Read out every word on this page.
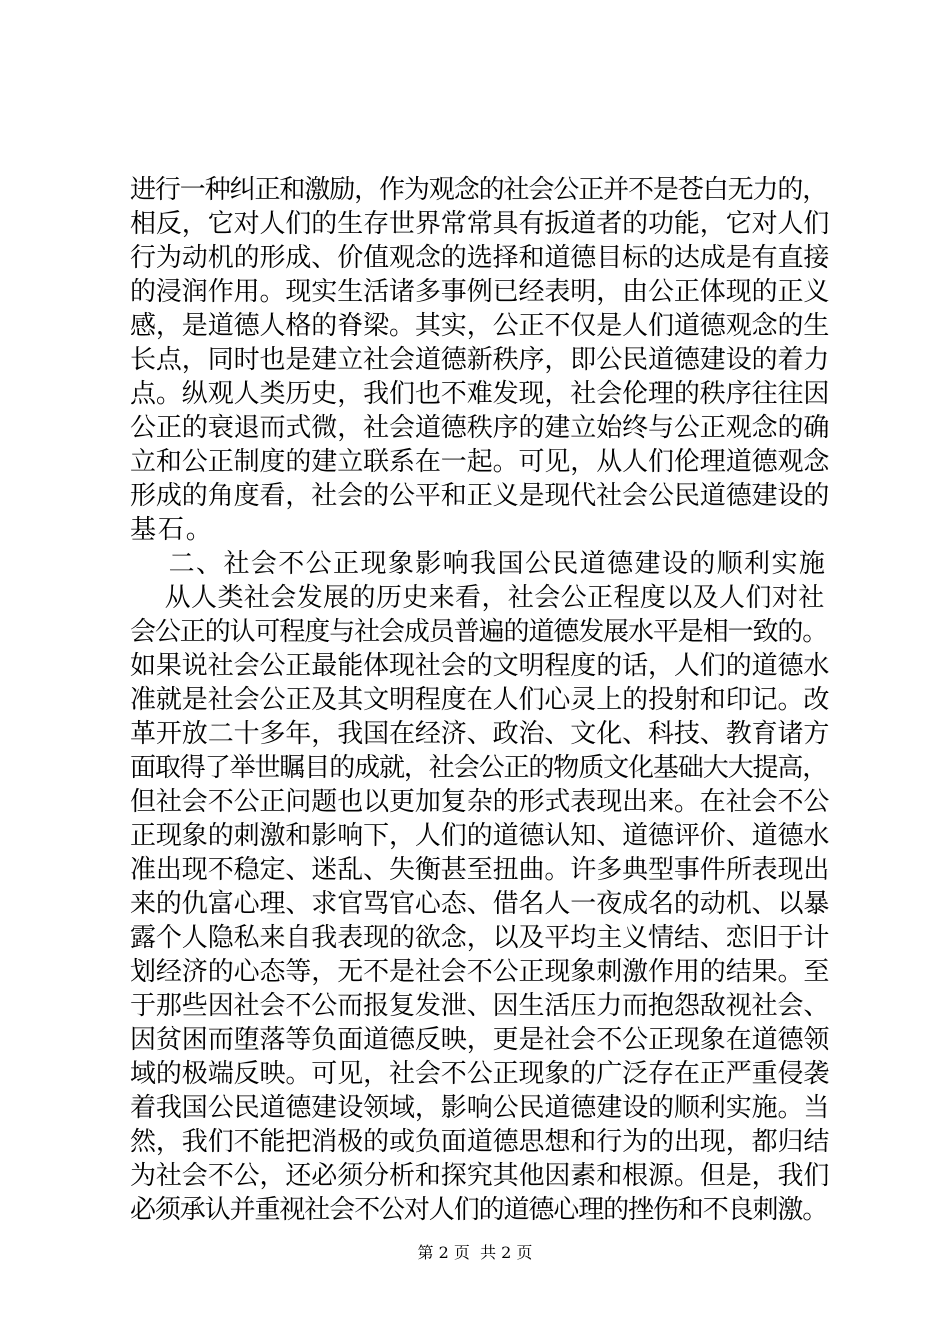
进行一种纠正和激励，作为观念的社会公正并不是苍白无力的，
相反，它对人们的生存世界常常具有扳道者的功能，它对人们
行为动机的形成、价值观念的选择和道德目标的达成是有直接
的浸润作用。现实生活诸多事例已经表明，由公正体现的正义
感，是道德人格的脊梁。其实，公正不仅是人们道德观念的生
长点，同时也是建立社会道德新秩序，即公民道德建设的着力
点。纵观人类历史，我们也不难发现，社会伦理的秩序往往因
公正的衰退而式微，社会道德秩序的建立始终与公正观念的确
立和公正制度的建立联系在一起。可见，从人们伦理道德观念
形成的角度看，社会的公平和正义是现代社会公民道德建设的
基石。
二、社会不公正现象影响我国公民道德建设的顺利实施
从人类社会发展的历史来看，社会公正程度以及人们对社
会公正的认可程度与社会成员普遍的道德发展水平是相一致的。
如果说社会公正最能体现社会的文明程度的话，人们的道德水
准就是社会公正及其文明程度在人们心灵上的投射和印记。改
革开放二十多年，我国在经济、政治、文化、科技、教育诸方
面取得了举世瞩目的成就，社会公正的物质文化基础大大提高，
但社会不公正问题也以更加复杂的形式表现出来。在社会不公
正现象的刺激和影响下，人们的道德认知、道德评价、道德水
准出现不稳定、迷乱、失衡甚至扭曲。许多典型事件所表现出
来的仇富心理、求官骂官心态、借名人一夜成名的动机、以暴
露个人隐私来自我表现的欲念，以及平均主义情结、恋旧于计
划经济的心态等，无不是社会不公正现象刺激作用的结果。至
于那些因社会不公而报复发泄、因生活压力而抱怨敌视社会、
因贫困而堕落等负面道德反映，更是社会不公正现象在道德领
域的极端反映。可见，社会不公正现象的广泛存在正严重侵袭
着我国公民道德建设领域，影响公民道德建设的顺利实施。当
然，我们不能把消极的或负面道德思想和行为的出现，都归结
为社会不公，还必须分析和探究其他因素和根源。但是，我们
必须承认并重视社会不公对人们的道德心理的挫伤和不良刺激。
第 2 页  共 2 页
